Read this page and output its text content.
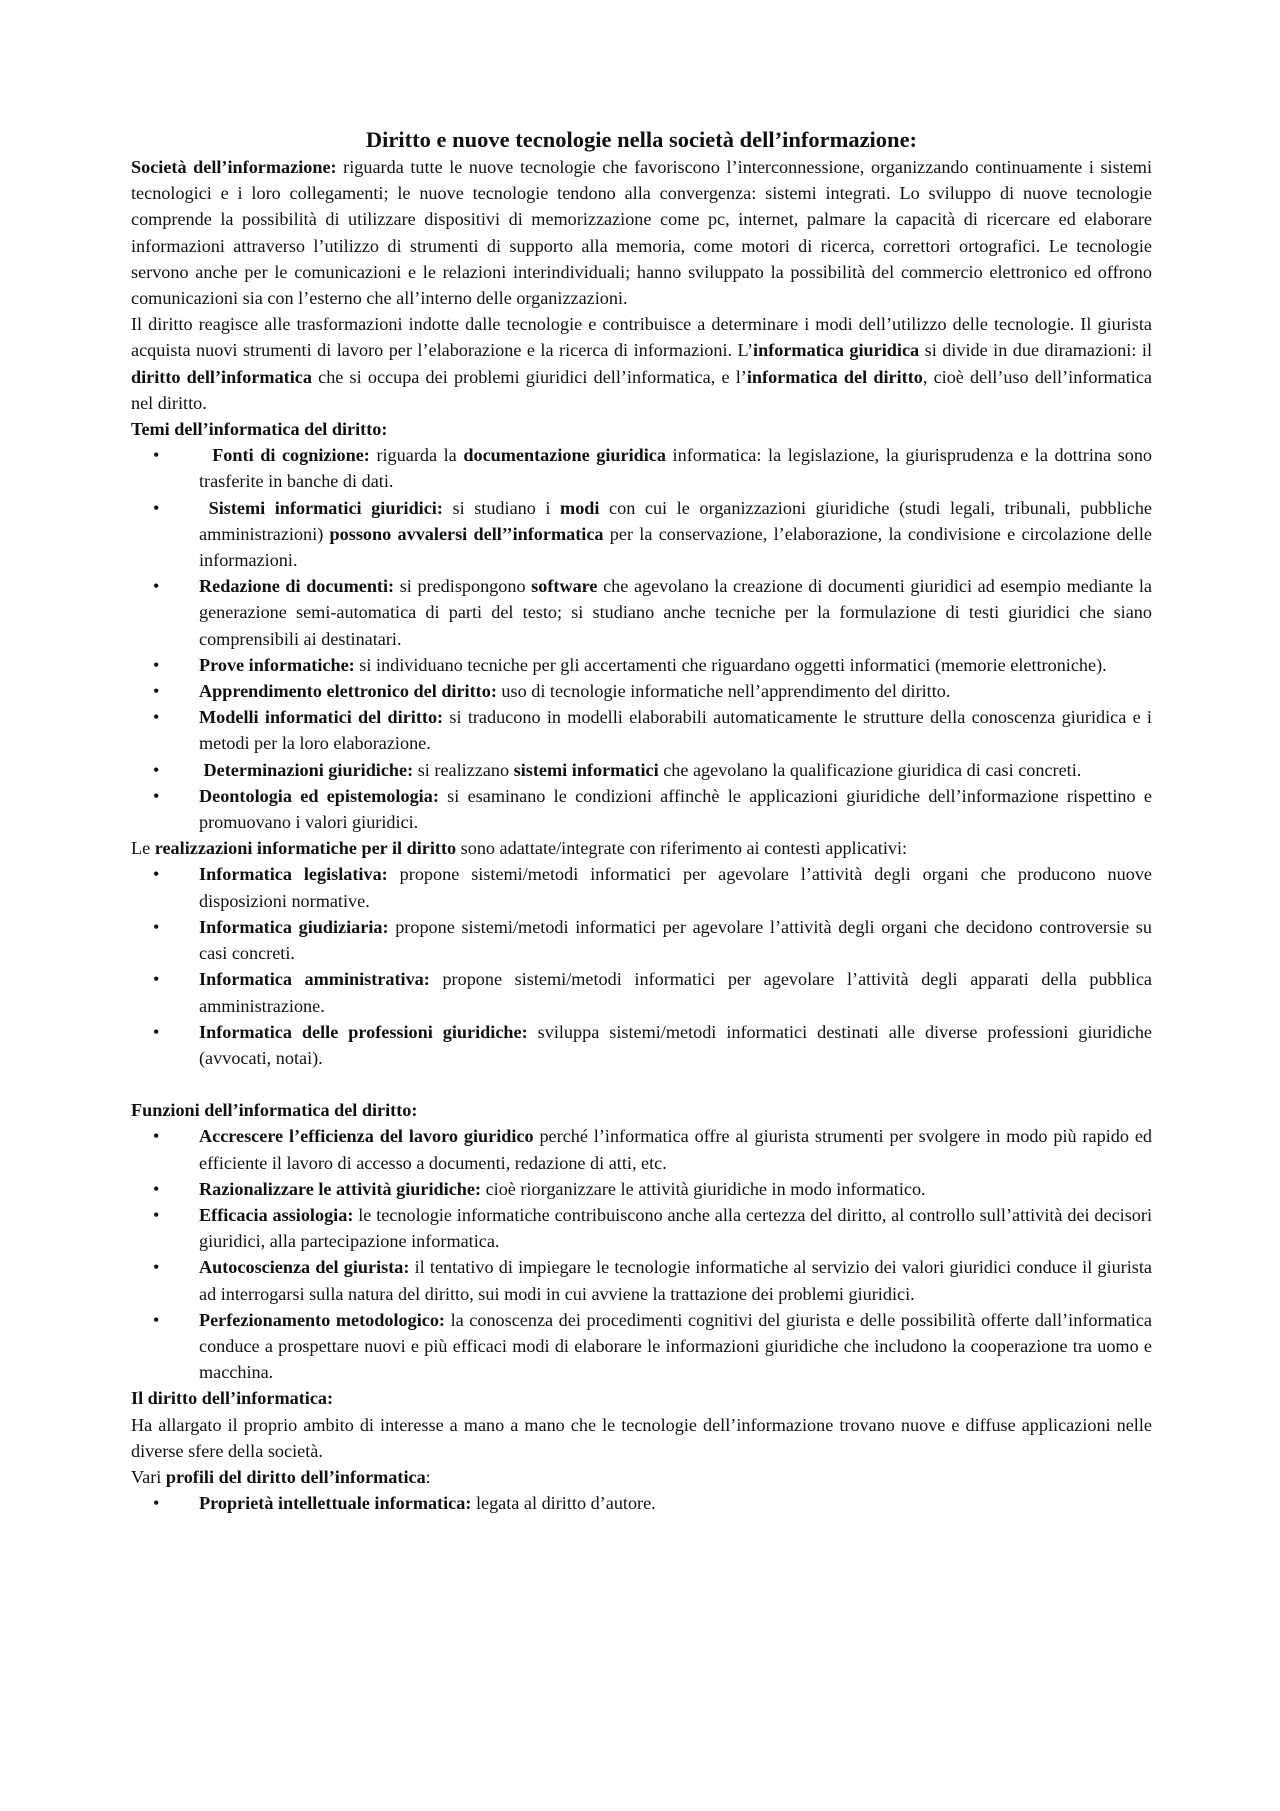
Diritto e nuove tecnologie nella società dell’informazione:

Società dell’informazione: riguarda tutte le nuove tecnologie che favoriscono l’interconnessione, organizzando continuamente i sistemi tecnologici e i loro collegamenti; le nuove tecnologie tendono alla convergenza: sistemi integrati. Lo sviluppo di nuove tecnologie comprende la possibilità di utilizzare dispositivi di memorizzazione come pc, internet, palmare la capacità di ricercare ed elaborare informazioni attraverso l’utilizzo di strumenti di supporto alla memoria, come motori di ricerca, correttori ortografici. Le tecnologie servono anche per le comunicazioni e le relazioni interindividuali; hanno sviluppato la possibilità del commercio elettronico ed offrono comunicazioni sia con l’esterno che all’interno delle organizzazioni.

Il diritto reagisce alle trasformazioni indotte dalle tecnologie e contribuisce a determinare i modi dell’utilizzo delle tecnologie. Il giurista acquista nuovi strumenti di lavoro per l’elaborazione e la ricerca di informazioni. L’informatica giuridica si divide in due diramazioni: il diritto dell’informatica che si occupa dei problemi giuridici dell’informatica, e l’informatica del diritto, cioè dell’uso dell’informatica nel diritto.

Temi dell’informatica del diritto:

•	Fonti di cognizione: riguarda la documentazione giuridica informatica: la legislazione, la giurisprudenza e la dottrina sono trasferite in banche di dati.
•	Sistemi informatici giuridici: si studiano i modi con cui le organizzazioni giuridiche (studi legali, tribunali, pubbliche amministrazioni) possono avvalersi dell’’informatica per la conservazione, l’elaborazione, la condivisione e circolazione delle informazioni.
• Redazione di documenti: si predispongono software che agevolano la creazione di documenti giuridici ad esempio mediante la generazione semi-automatica di parti del testo; si studiano anche tecniche per la formulazione di testi giuridici che siano comprensibili ai destinatari.
• Prove informatiche: si individuano tecniche per gli accertamenti che riguardano oggetti informatici (memorie elettroniche).
• Apprendimento elettronico del diritto: uso di tecnologie informatiche nell’apprendimento del diritto.
• Modelli informatici del diritto: si traducono in modelli elaborabili automaticamente le strutture della conoscenza giuridica e i metodi per la loro elaborazione.
• Determinazioni giuridiche: si realizzano sistemi informatici che agevolano la qualificazione giuridica di casi concreti.
• Deontologia ed epistemologia: si esaminano le condizioni affinchè le applicazioni giuridiche dell’informazione rispettino e promuovano i valori giuridici.

Le realizzazioni informatiche per il diritto sono adattate/integrate con riferimento ai contesti applicativi:

• Informatica legislativa: propone sistemi/metodi informatici per agevolare l’attività degli organi che producono nuove disposizioni normative.
• Informatica giudiziaria: propone sistemi/metodi informatici per agevolare l’attività degli organi che decidono controversie su casi concreti.
• Informatica amministrativa: propone sistemi/metodi informatici per agevolare l’attività degli apparati della pubblica amministrazione.
• Informatica delle professioni giuridiche: sviluppa sistemi/metodi informatici destinati alle diverse professioni giuridiche (avvocati, notai).

Funzioni dell’informatica del diritto:

• Accrescere l’efficienza del lavoro giuridico perché l’informatica offre al giurista strumenti per svolgere in modo più rapido ed efficiente il lavoro di accesso a documenti, redazione di atti, etc.
• Razionalizzare le attività giuridiche: cioè riorganizzare le attività giuridiche in modo informatico.
• Efficacia assiologia: le tecnologie informatiche contribuiscono anche alla certezza del diritto, al controllo sull’attività dei decisori giuridici, alla partecipazione informatica.
• Autocoscienza del giurista: il tentativo di impiegare le tecnologie informatiche al servizio dei valori giuridici conduce il giurista ad interrogarsi sulla natura del diritto, sui modi in cui avviene la trattazione dei problemi giuridici.
• Perfezionamento metodologico: la conoscenza dei procedimenti cognitivi del giurista e delle possibilità offerte dall’informatica conduce a prospettare nuovi e più efficaci modi di elaborare le informazioni giuridiche che includono la cooperazione tra uomo e macchina.

Il diritto dell’informatica:

Ha allargato il proprio ambito di interesse a mano a mano che le tecnologie dell’informazione trovano nuove e diffuse applicazioni nelle diverse sfere della società.

Vari profili del diritto dell’informatica:

• Proprietà intellettuale informatica: legata al diritto d’autore.
